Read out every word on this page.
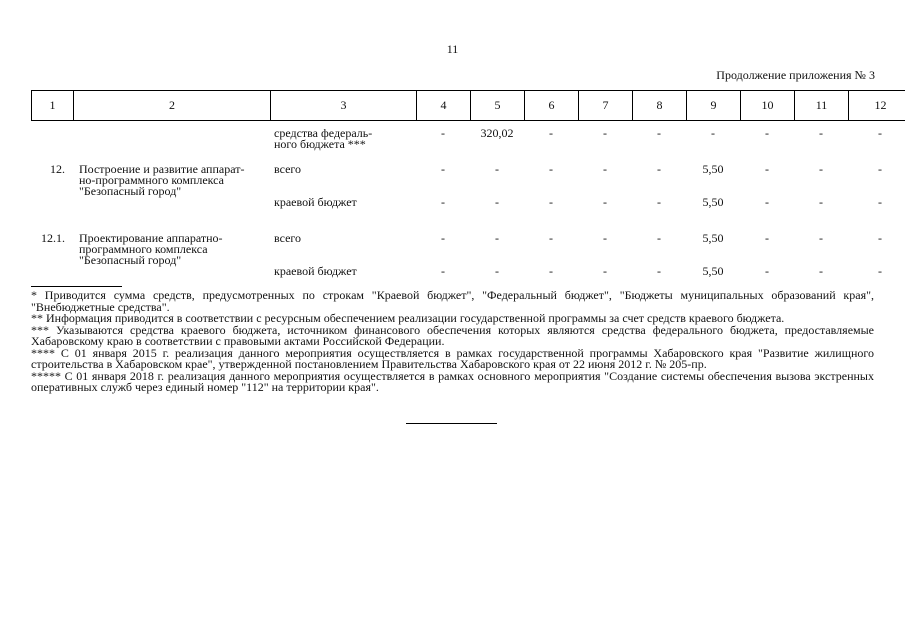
11
Продолжение приложения № 3
1	2	3	4	5	6	7	8	9	10	11	12
		средства федераль-
ного бюджета ***	-	320,02	-	-	-	-	-	-	-

12.	Построение и развитие аппарат-
но-программного комплекса
"Безопасный город"	всего	-	-	-	-	-	5,50	-	-	-
		краевой бюджет	-	-	-	-	-	5,50	-	-	-

12.1.	Проектирование аппаратно-
программного комплекса
"Безопасный город"	всего	-	-	-	-	-	5,50	-	-	-
		краевой бюджет	-	-	-	-	-	5,50	-	-	-

* Приводится сумма средств, предусмотренных по строкам "Краевой бюджет", "Федеральный бюджет", "Бюджеты муниципальных образований края", "Внебюджетные средства".

** Информация приводится в соответствии с ресурсным обеспечением реализации государственной программы за счет средств краевого бюджета.

*** Указываются средства краевого бюджета, источником финансового обеспечения которых являются средства федерального бюджета, предоставляемые Хабаровскому краю в соответствии с правовыми актами Российской Федерации.

**** С 01 января 2015 г. реализация данного мероприятия осуществляется в рамках государственной программы Хабаровского края "Развитие жилищного строительства в Хабаровском крае", утвержденной постановлением Правительства Хабаровского края от 22 июня 2012 г. № 205-пр.

***** С 01 января 2018 г. реализация данного мероприятия осуществляется в рамках основного мероприятия "Создание системы обеспечения вызова экстренных оперативных служб через единый номер "112" на территории края".
